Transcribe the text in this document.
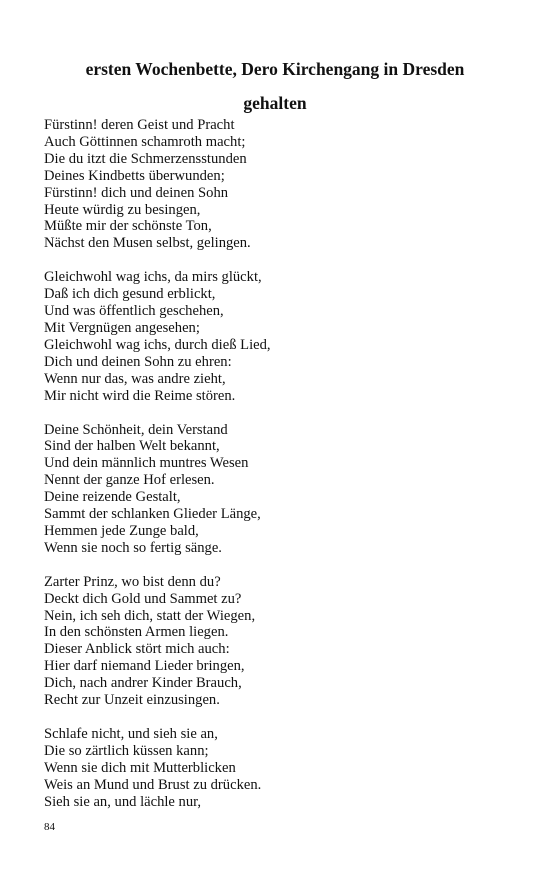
ersten Wochenbette, Dero Kirchengang in Dresden
gehalten
Fürstinn! deren Geist und Pracht
Auch Göttinnen schamroth macht;
Die du itzt die Schmerzensstunden
Deines Kindbetts überwunden;
Fürstinn! dich und deinen Sohn
Heute würdig zu besingen,
Müßte mir der schönste Ton,
Nächst den Musen selbst, gelingen.
Gleichwohl wag ichs, da mirs glückt,
Daß ich dich gesund erblickt,
Und was öffentlich geschehen,
Mit Vergnügen angesehen;
Gleichwohl wag ichs, durch dieß Lied,
Dich und deinen Sohn zu ehren:
Wenn nur das, was andre zieht,
Mir nicht wird die Reime stören.
Deine Schönheit, dein Verstand
Sind der halben Welt bekannt,
Und dein männlich muntres Wesen
Nennt der ganze Hof erlesen.
Deine reizende Gestalt,
Sammt der schlanken Glieder Länge,
Hemmen jede Zunge bald,
Wenn sie noch so fertig sänge.
Zarter Prinz, wo bist denn du?
Deckt dich Gold und Sammet zu?
Nein, ich seh dich, statt der Wiegen,
In den schönsten Armen liegen.
Dieser Anblick stört mich auch:
Hier darf niemand Lieder bringen,
Dich, nach andrer Kinder Brauch,
Recht zur Unzeit einzusingen.
Schlafe nicht, und sieh sie an,
Die so zärtlich küssen kann;
Wenn sie dich mit Mutterblicken
Weis an Mund und Brust zu drücken.
Sieh sie an, und lächle nur,
84
